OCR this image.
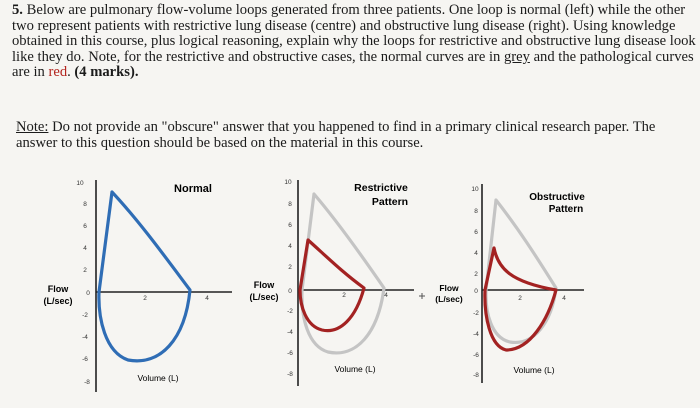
5. Below are pulmonary flow-volume loops generated from three patients. One loop is normal (left) while the other two represent patients with restrictive lung disease (centre) and obstructive lung disease (right). Using knowledge obtained in this course, plus logical reasoning, explain why the loops for restrictive and obstructive lung disease look like they do. Note, for the restrictive and obstructive cases, the normal curves are in grey and the pathological curves are in red. (4 marks).

Note: Do not provide an "obscure" answer that you happened to find in a primary clinical research paper. The answer to this question should be based on the material in this course.

10
8
6
4
2
0
-2
-4
-6
-8
2	4
Normal
Flow
(L/sec)
Volume (L)
10
8
6
4
2
0
-2
-4
-6
-8
2	4
Restrictive
Pattern
Flow
(L/sec)
Volume (L)
10
8
6
4
2
0
-2
-4
-6
-8
2	4
Obstructive
Pattern
Flow
(L/sec)
Volume (L)
